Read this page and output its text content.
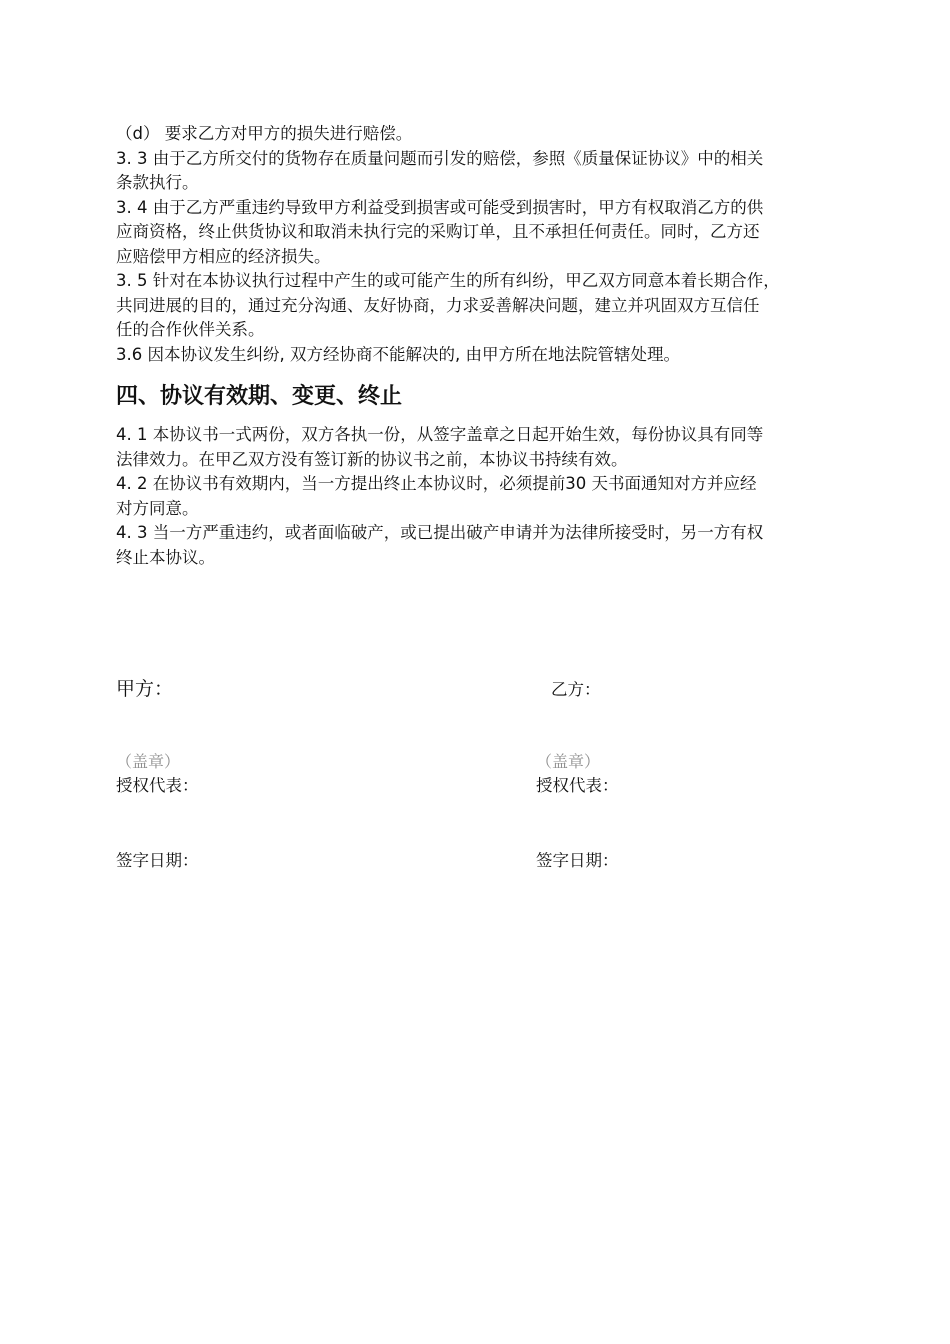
（d） 要求乙方对甲方的损失进行赔偿。
3. 3 由于乙方所交付的货物存在质量问题而引发的赔偿，参照《质量保证协议》中的相关
条款执行。
3. 4 由于乙方严重违约导致甲方利益受到损害或可能受到损害时，甲方有权取消乙方的供
应商资格，终止供货协议和取消未执行完的采购订单，且不承担任何责任。同时，乙方还
应赔偿甲方相应的经济损失。
3. 5 针对在本协议执行过程中产生的或可能产生的所有纠纷，甲乙双方同意本着长期合作，
共同进展的目的，通过充分沟通、友好协商，力求妥善解决问题，建立并巩固双方互信任
任的合作伙伴关系。
3.6 因本协议发生纠纷, 双方经协商不能解决的, 由甲方所在地法院管辖处理。
四、协议有效期、变更、终止
4. 1 本协议书一式两份，双方各执一份，从签字盖章之日起开始生效，每份协议具有同等
法律效力。在甲乙双方没有签订新的协议书之前，本协议书持续有效。
4. 2 在协议书有效期内，当一方提出终止本协议时，必须提前30 天书面通知对方并应经
对方同意。
4. 3 当一方严重违约，或者面临破产，或已提出破产申请并为法律所接受时，另一方有权
终止本协议。
甲方：
（盖章）
授权代表：
签字日期：
乙方：
（盖章）
授权代表：
签字日期：
